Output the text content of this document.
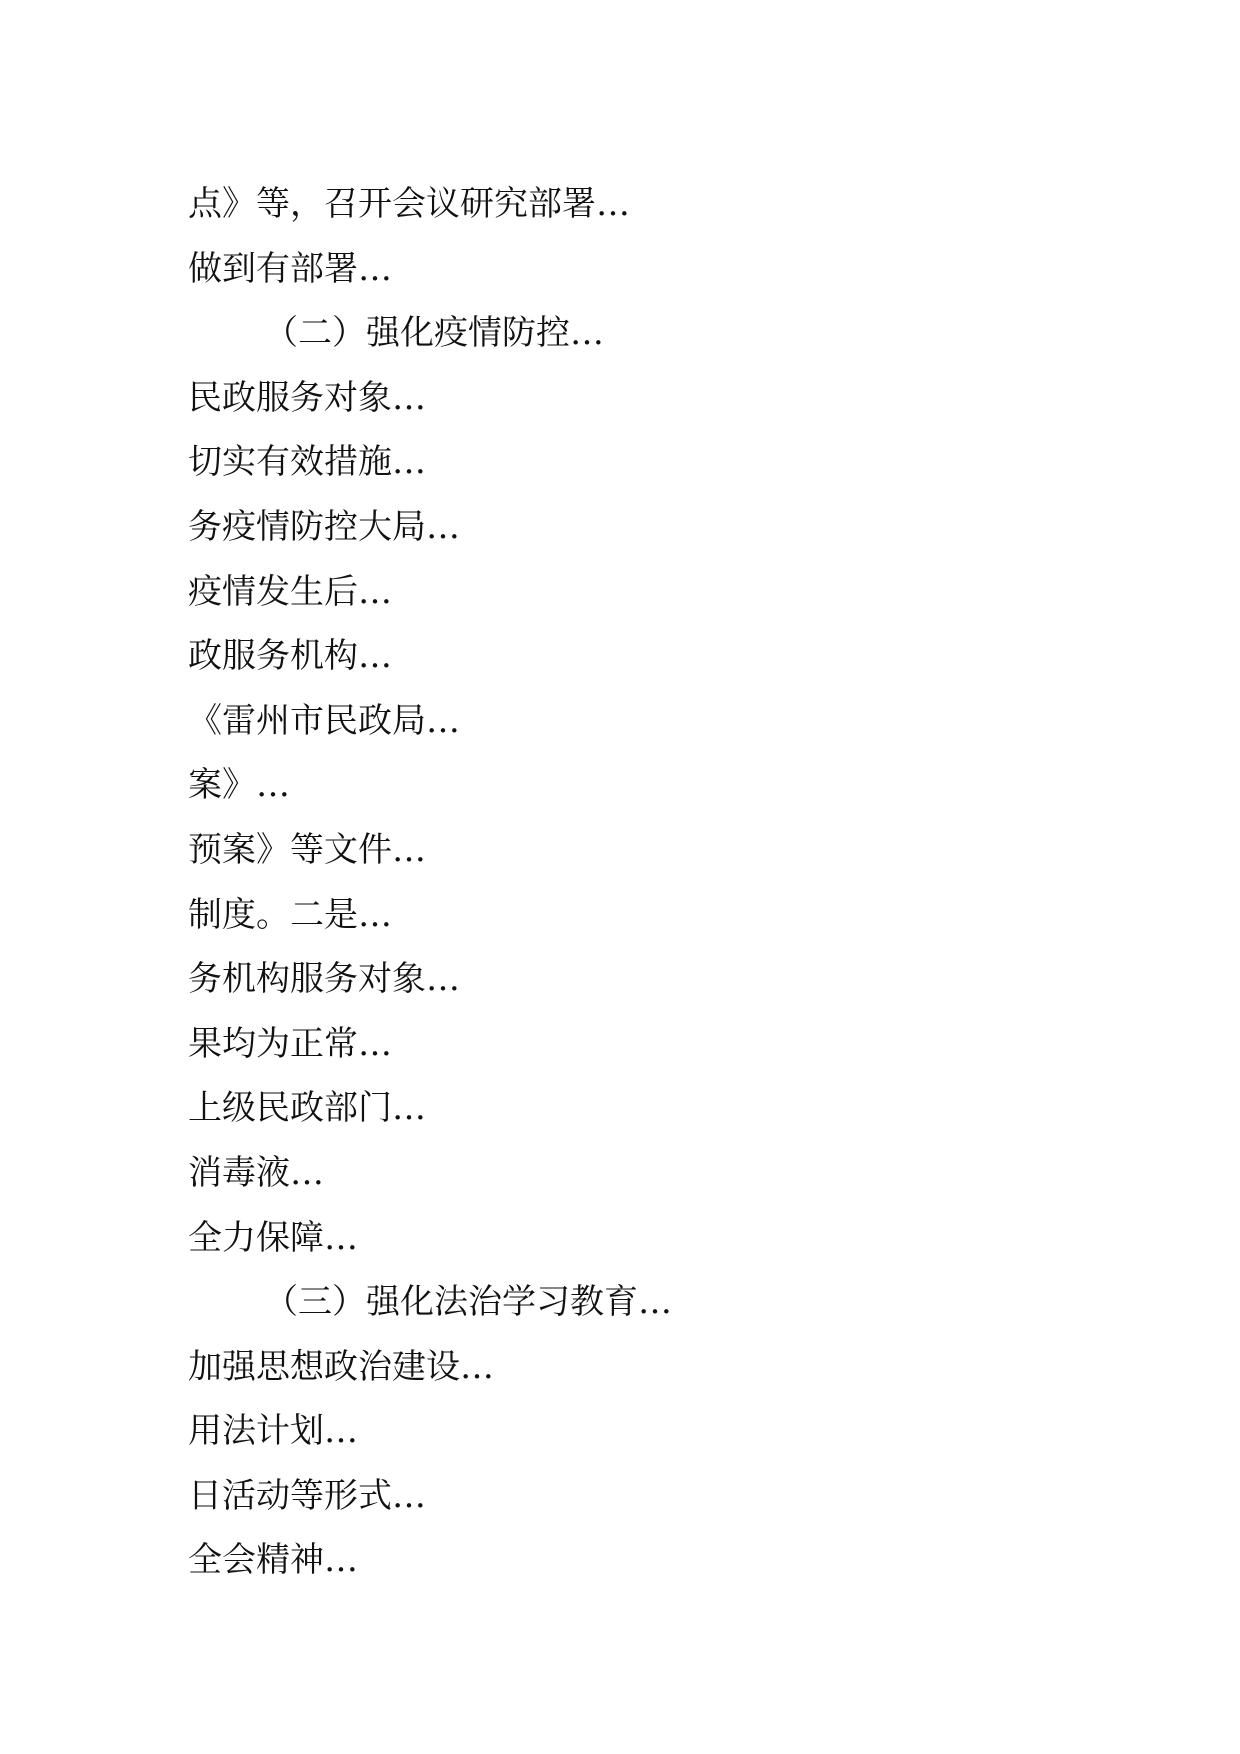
点》等，召开会议研究部署…
做到有部署…
（二）强化疫情防控…
民政服务对象…
切实有效措施…
务疫情防控大局…
疫情发生后…
政服务机构…
《雷州市民政局…
案》…
预案》等文件…
制度。二是…
务机构服务对象…
果均为正常…
上级民政部门…
消毒液…
全力保障…
（三）强化法治学习教育…
加强思想政治建设…
用法计划…
日活动等形式…
全会精神…
